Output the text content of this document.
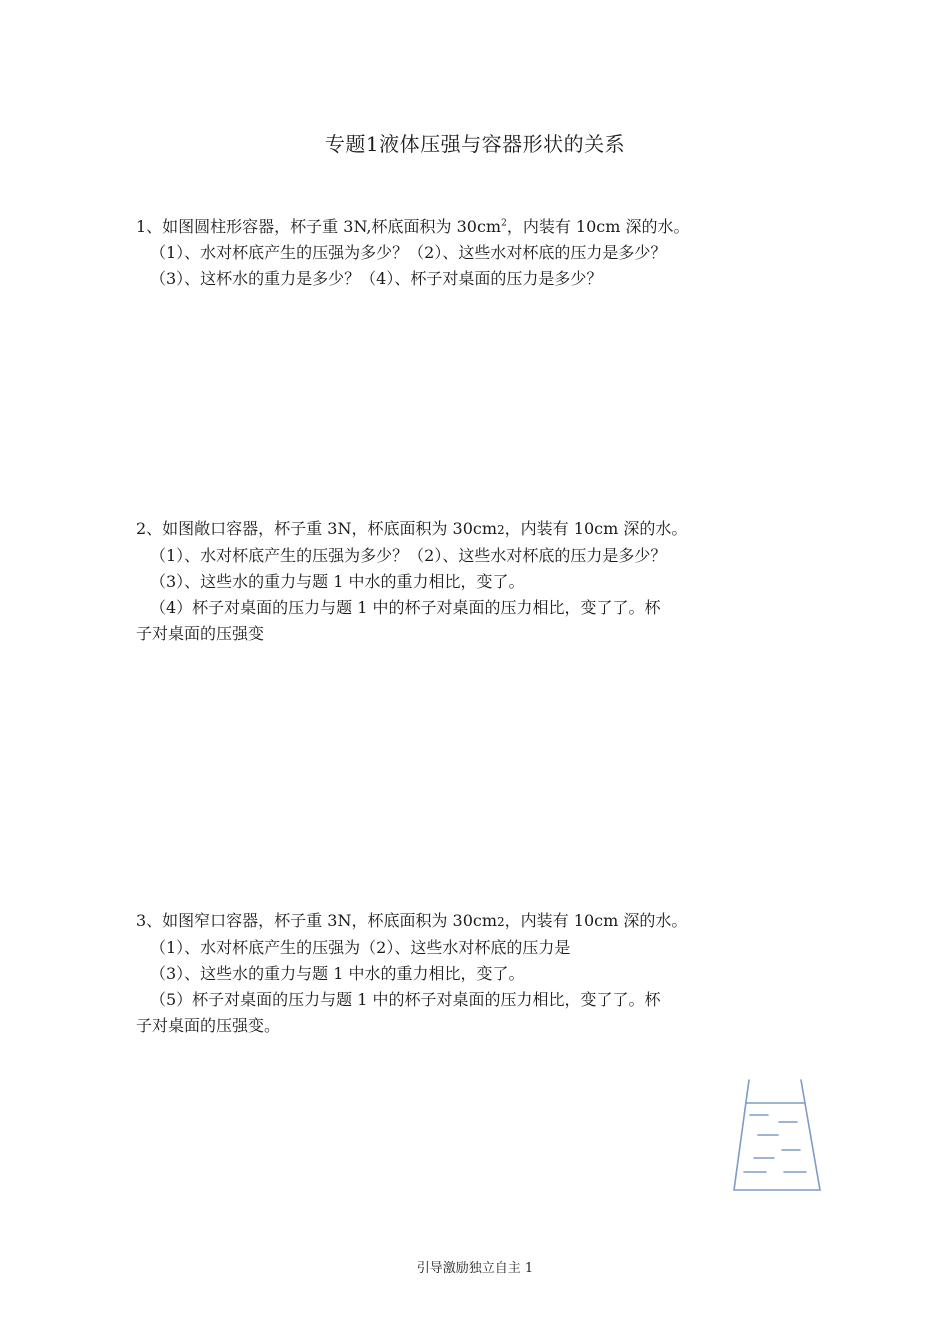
专题1液体压强与容器形状的关系
1、如图圆柱形容器，杯子重 3N,杯底面积为 $30cm^2$，内装有 10cm 深的水。
（1）、水对杯底产生的压强为多少？（2）、这些水对杯底的压力是多少？
（3）、这杯水的重力是多少？（4）、杯子对桌面的压力是多少？
2、如图敞口容器，杯子重 3N，杯底面积为 30cm2，内装有 10cm 深的水。
（1）、水对杯底产生的压强为多少？（2）、这些水对杯底的压力是多少？
（3）、这些水的重力与题 1 中水的重力相比，变了。
（4）杯子对桌面的压力与题 1 中的杯子对桌面的压力相比，变了了。杯
子对桌面的压强变
3、如图窄口容器，杯子重 3N，杯底面积为 30cm2，内装有 10cm 深的水。
（1）、水对杯底产生的压强为（2）、这些水对杯底的压力是
（3）、这些水的重力与题 1 中水的重力相比，变了。
（5）杯子对桌面的压力与题 1 中的杯子对桌面的压力相比，变了了。杯
子对桌面的压强变。
引导激励独立自主 1
